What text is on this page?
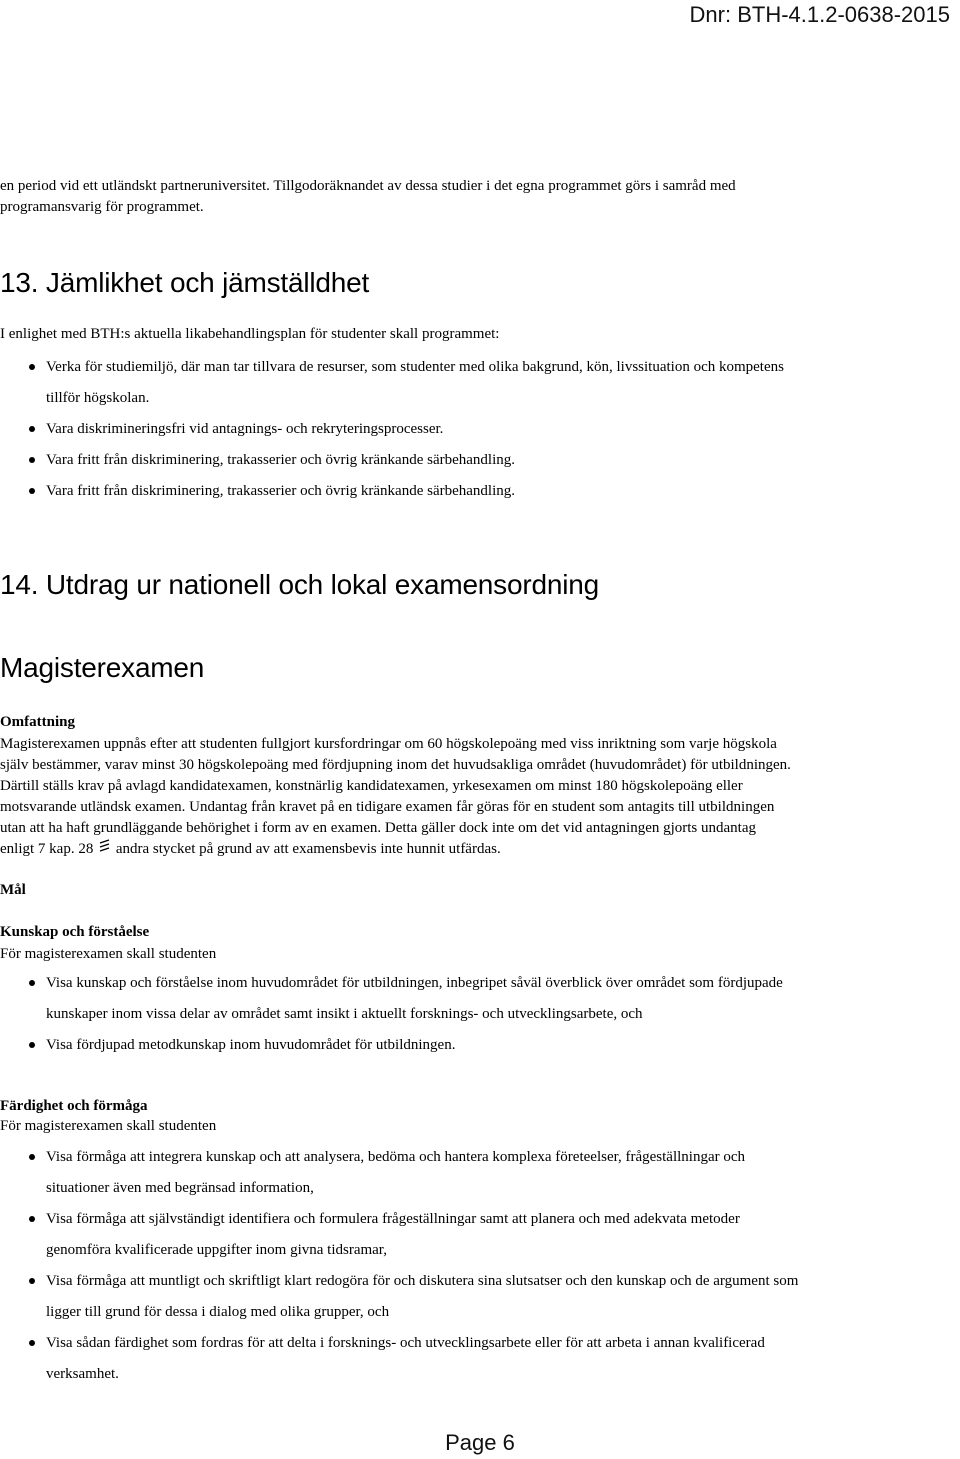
Dnr: BTH-4.1.2-0638-2015

en period vid ett utländskt partneruniversitet. Tillgodoräknandet av dessa studier i det egna programmet görs i samråd med

programansvarig för programmet.

13. Jämlikhet och jämställdhet

I enlighet med BTH:s aktuella likabehandlingsplan för studenter skall programmet:

Verka för studiemiljö, där man tar tillvara de resurser, som studenter med olika bakgrund, kön, livssituation och kompetens
tillför högskolan.
Vara diskrimineringsfri vid antagnings- och rekryteringsprocesser.
Vara fritt från diskriminering, trakasserier och övrig kränkande särbehandling.
Vara fritt från diskriminering, trakasserier och övrig kränkande särbehandling.
14. Utdrag ur nationell och lokal examensordning
Magisterexamen
Omfattning

Magisterexamen uppnås efter att studenten fullgjort kursfordringar om 60 högskolepoäng med viss inriktning som varje högskola

själv bestämmer, varav minst 30 högskolepoäng med fördjupning inom det huvudsakliga området (huvudområdet) för utbildningen.

Därtill ställs krav på avlagd kandidatexamen, konstnärlig kandidatexamen, yrkesexamen om minst 180 högskolepoäng eller

motsvarande utländsk examen. Undantag från kravet på en tidigare examen får göras för en student som antagits till utbildningen

utan att ha haft grundläggande behörighet i form av en examen. Detta gäller dock inte om det vid antagningen gjorts undantag

enligt 7 kap. 28 andra stycket på grund av att examensbevis inte hunnit utfärdas.

Mål
Kunskap och förståelse

För magisterexamen skall studenten

Visa kunskap och förståelse inom huvudområdet för utbildningen, inbegripet såväl överblick över området som fördjupade
kunskaper inom vissa delar av området samt insikt i aktuellt forsknings- och utvecklingsarbete, och
Visa fördjupad metodkunskap inom huvudområdet för utbildningen.
Färdighet och förmåga

För magisterexamen skall studenten

Visa förmåga att integrera kunskap och att analysera, bedöma och hantera komplexa företeelser, frågeställningar och
situationer även med begränsad information,
Visa förmåga att självständigt identifiera och formulera frågeställningar samt att planera och med adekvata metoder
genomföra kvalificerade uppgifter inom givna tidsramar,
Visa förmåga att muntligt och skriftligt klart redogöra för och diskutera sina slutsatser och den kunskap och de argument som
ligger till grund för dessa i dialog med olika grupper, och
Visa sådan färdighet som fordras för att delta i forsknings- och utvecklingsarbete eller för att arbeta i annan kvalificerad
verksamhet.
Page 6
